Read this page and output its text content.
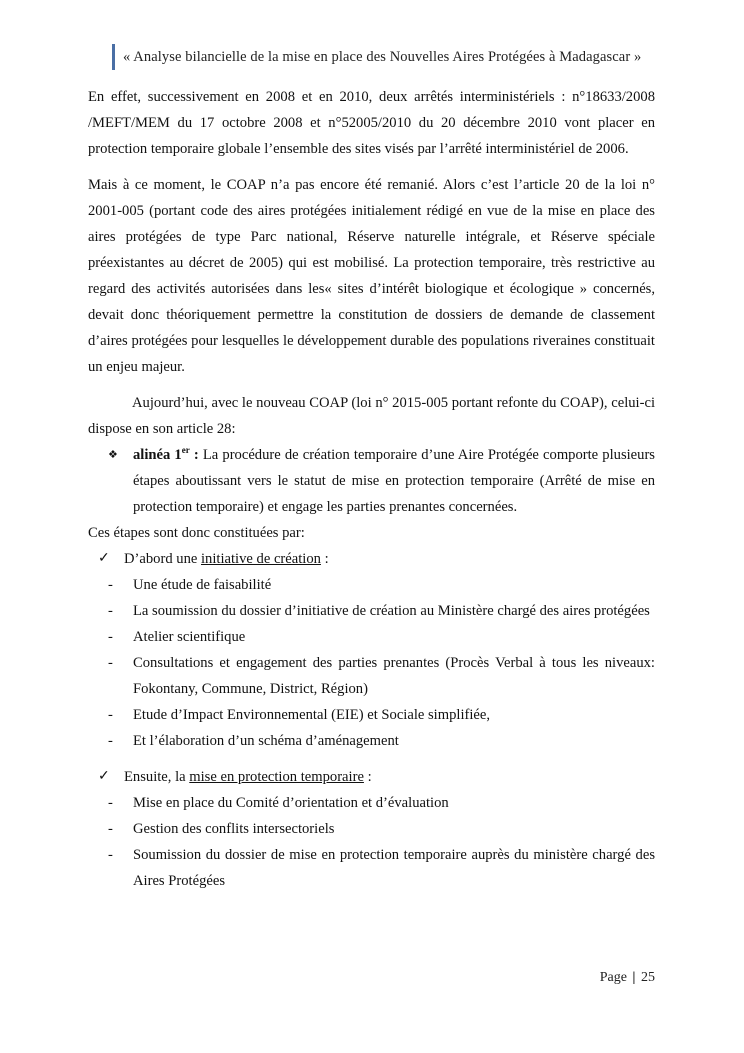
« Analyse bilancielle de la mise en place des Nouvelles Aires Protégées à Madagascar »

En effet, successivement en 2008 et en 2010, deux arrêtés interministériels : n°18633/2008 /MEFT/MEM du 17 octobre 2008 et n°52005/2010 du 20 décembre 2010 vont placer en protection temporaire globale l’ensemble des sites visés par l’arrêté interministériel de 2006.

Mais à ce moment, le COAP n’a pas encore été remanié. Alors c’est l’article 20 de la loi n° 2001-005 (portant code des aires protégées initialement rédigé en vue de la mise en place des aires protégées de type Parc national, Réserve naturelle intégrale, et Réserve spéciale préexistantes au décret de 2005) qui est mobilisé. La protection temporaire, très restrictive au regard des activités autorisées dans les« sites d’intérêt biologique et écologique » concernés, devait donc théoriquement permettre la constitution de dossiers de demande de classement d’aires protégées pour lesquelles le développement durable des populations riveraines constituait un enjeu majeur.

Aujourd’hui, avec le nouveau COAP (loi n° 2015-005 portant refonte du COAP), celui-ci dispose en son article 28:

❖	alinéa 1er : La procédure de création temporaire d’une Aire Protégée comporte plusieurs étapes aboutissant vers le statut de mise en protection temporaire (Arrêté de mise en protection temporaire) et engage les parties prenantes concernées.

Ces étapes sont donc constituées par:

✓ D’abord une initiative de création :
-	Une étude de faisabilité
-	La soumission du dossier d’initiative de création au Ministère chargé des aires protégées
-	Atelier scientifique
-	Consultations et engagement des parties prenantes (Procès Verbal à tous les niveaux: Fokontany, Commune, District, Région)
-	Etude d’Impact Environnemental (EIE) et Sociale simplifiée,
-	Et l’élaboration d’un schéma d’aménagement
✓ Ensuite, la mise en protection temporaire :
-	Mise en place du Comité d’orientation et d’évaluation
-	Gestion des conflits intersectoriels
-	Soumission du dossier de mise en protection temporaire auprès du ministère chargé des Aires Protégées
Page | 25
